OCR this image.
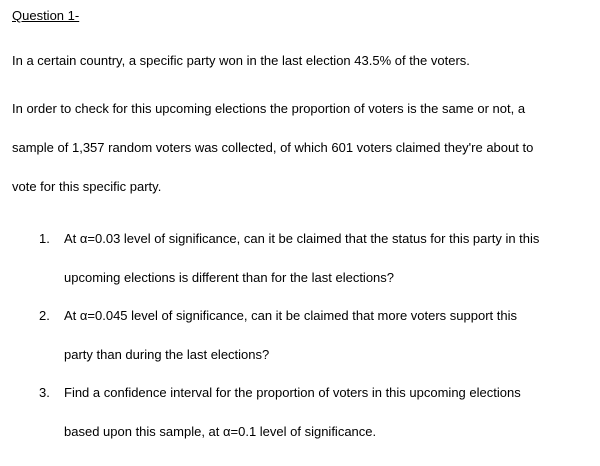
Question 1-
In a certain country, a specific party won in the last election 43.5% of the voters.
In order to check for this upcoming elections the proportion of voters is the same or not, a
sample of 1,357 random voters was collected, of which 601 voters claimed they're about to
vote for this specific party.
1. At α=0.03 level of significance, can it be claimed that the status for this party in this
upcoming elections is different than for the last elections?
2. At α=0.045 level of significance, can it be claimed that more voters support this
party than during the last elections?
3. Find a confidence interval for the proportion of voters in this upcoming elections
based upon this sample, at α=0.1 level of significance.
